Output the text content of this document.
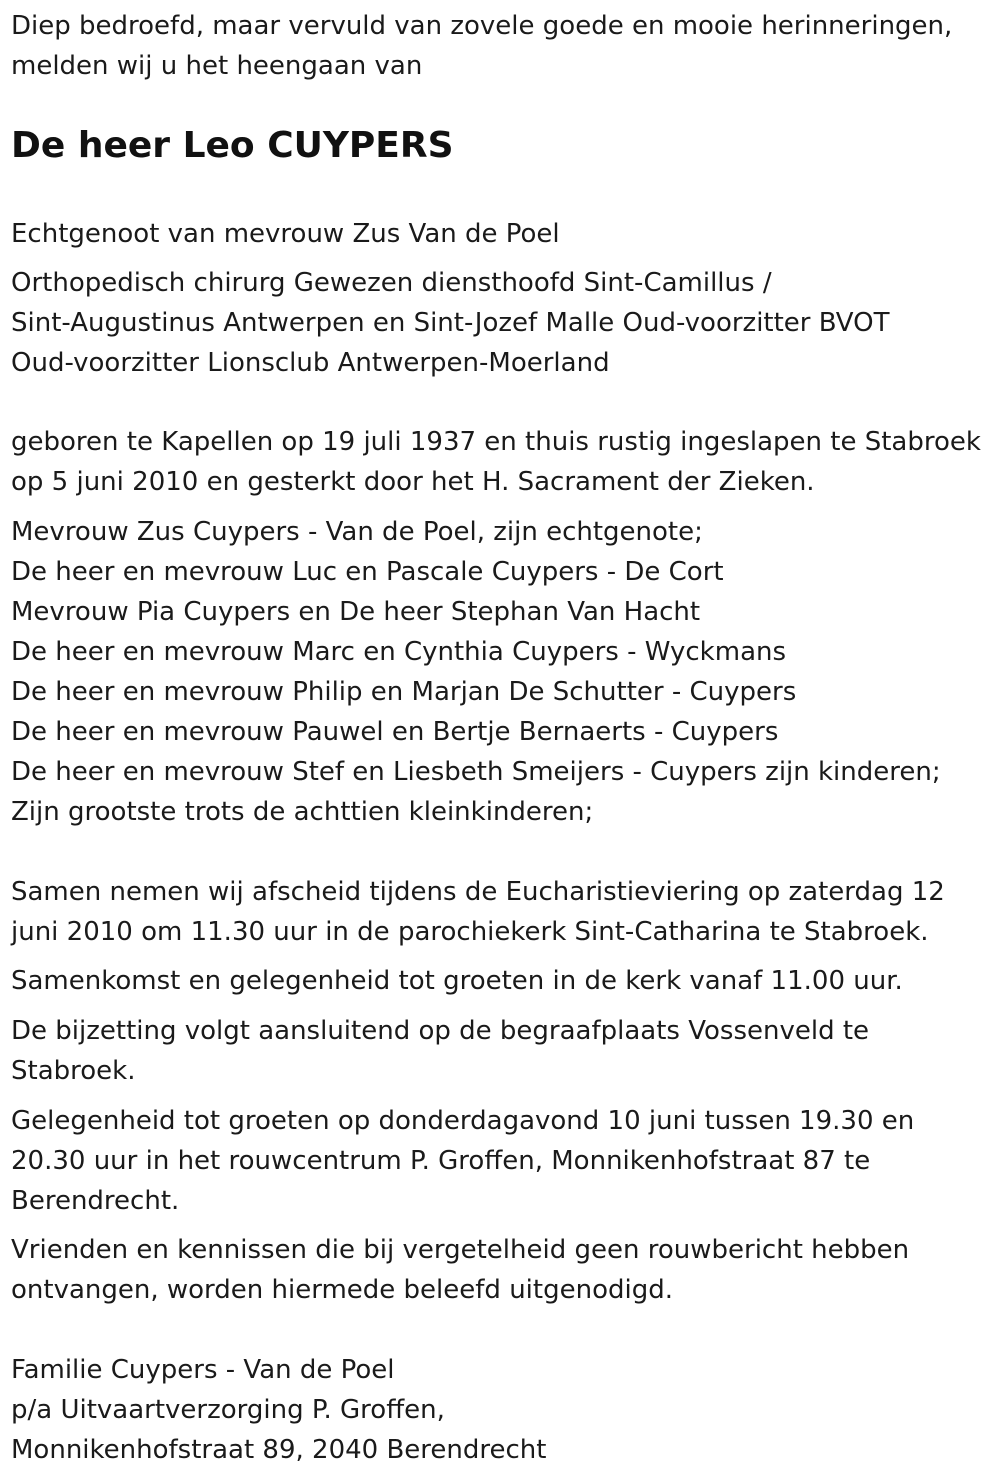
Diep bedroefd, maar vervuld van zovele goede en mooie herinneringen,
melden wij u het heengaan van
De heer Leo CUYPERS
Echtgenoot van mevrouw Zus Van de Poel
Orthopedisch chirurg Gewezen diensthoofd Sint-Camillus /
Sint-Augustinus Antwerpen en Sint-Jozef Malle Oud-voorzitter BVOT
Oud-voorzitter Lionsclub Antwerpen-Moerland
geboren te Kapellen op 19 juli 1937 en thuis rustig ingeslapen te Stabroek
op 5 juni 2010 en gesterkt door het H. Sacrament der Zieken.
Mevrouw Zus Cuypers - Van de Poel, zijn echtgenote;
De heer en mevrouw Luc en Pascale Cuypers - De Cort
Mevrouw Pia Cuypers en De heer Stephan Van Hacht
De heer en mevrouw Marc en Cynthia Cuypers - Wyckmans
De heer en mevrouw Philip en Marjan De Schutter - Cuypers
De heer en mevrouw Pauwel en Bertje Bernaerts - Cuypers
De heer en mevrouw Stef en Liesbeth Smeijers - Cuypers zijn kinderen;
Zijn grootste trots de achttien kleinkinderen;
Samen nemen wij afscheid tijdens de Eucharistieviering op zaterdag 12
juni 2010 om 11.30 uur in de parochiekerk Sint-Catharina te Stabroek.
Samenkomst en gelegenheid tot groeten in de kerk vanaf 11.00 uur.
De bijzetting volgt aansluitend op de begraafplaats Vossenveld te
Stabroek.
Gelegenheid tot groeten op donderdagavond 10 juni tussen 19.30 en
20.30 uur in het rouwcentrum P. Groffen, Monnikenhofstraat 87 te
Berendrecht.
Vrienden en kennissen die bij vergetelheid geen rouwbericht hebben
ontvangen, worden hiermede beleefd uitgenodigd.
Familie Cuypers - Van de Poel
p/a Uitvaartverzorging P. Groffen,
Monnikenhofstraat 89, 2040 Berendrecht
